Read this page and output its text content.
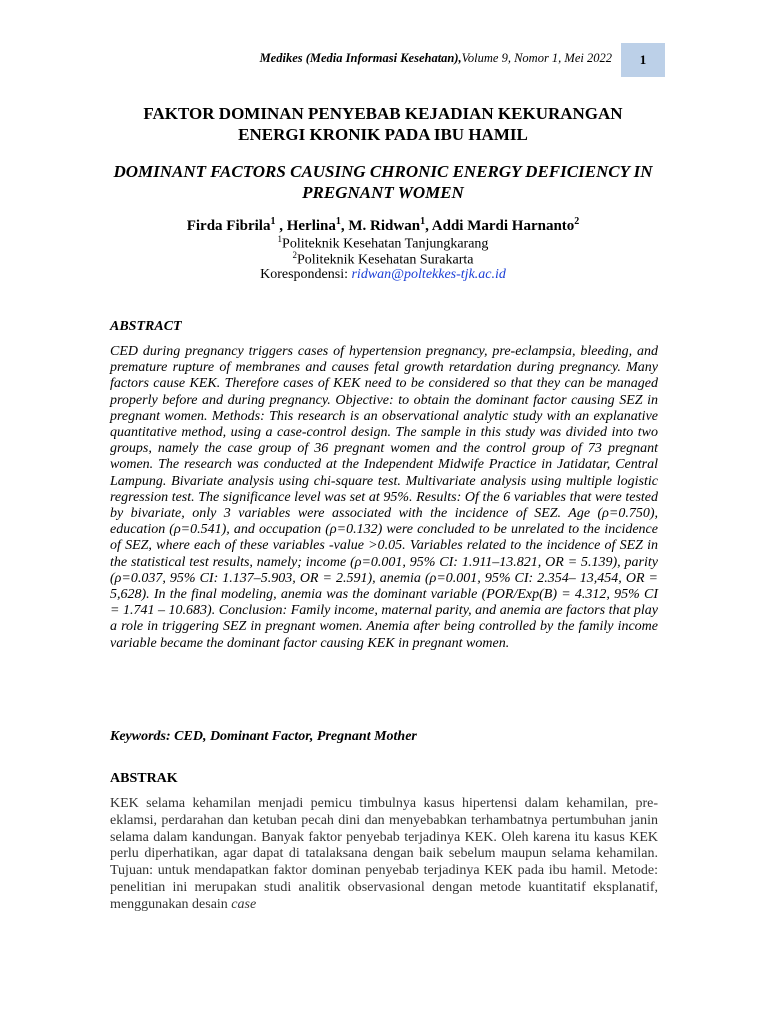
Medikes (Media Informasi Kesehatan),Volume 9, Nomor 1, Mei 2022 1
FAKTOR DOMINAN PENYEBAB KEJADIAN KEKURANGAN ENERGI KRONIK PADA IBU HAMIL
DOMINANT FACTORS CAUSING CHRONIC ENERGY DEFICIENCY IN PREGNANT WOMEN
Firda Fibrila$^1$ , Herlina$^1$, M. Ridwan$^1$, Addi Mardi Harnanto$^2$
$^1$Politeknik Kesehatan Tanjungkarang
$^2$Politeknik Kesehatan Surakarta
Korespondensi: ridwan@poltekkes-tjk.ac.id
ABSTRACT

CED during pregnancy triggers cases of hypertension pregnancy, pre-eclampsia, bleeding, and premature rupture of membranes and causes fetal growth retardation during pregnancy. Many factors cause KEK. Therefore cases of KEK need to be considered so that they can be managed properly before and during pregnancy. Objective: to obtain the dominant factor causing SEZ in pregnant women. Methods: This research is an observational analytic study with an explanative quantitative method, using a case-control design. The sample in this study was divided into two groups, namely the case group of 36 pregnant women and the control group of 73 pregnant women. The research was conducted at the Independent Midwife Practice in Jatidatar, Central Lampung. Bivariate analysis using chi-square test. Multivariate analysis using multiple logistic regression test. The significance level was set at 95%. Results: Of the 6 variables that were tested by bivariate, only 3 variables were associated with the incidence of SEZ. Age (ρ=0.750), education (ρ=0.541), and occupation (ρ=0.132) were concluded to be unrelated to the incidence of SEZ, where each of these variables -value >0.05. Variables related to the incidence of SEZ in the statistical test results, namely; income (ρ=0.001, 95% CI: 1.911–13.821, OR = 5.139), parity (ρ=0.037, 95% CI: 1.137–5.903, OR = 2.591), anemia (ρ=0.001, 95% CI: 2.354– 13,454, OR = 5,628). In the final modeling, anemia was the dominant variable (POR/Exp(B) = 4.312, 95% CI = 1.741 – 10.683). Conclusion: Family income, maternal parity, and anemia are factors that play a role in triggering SEZ in pregnant women. Anemia after being controlled by the family income variable became the dominant factor causing KEK in pregnant women.

Keywords: CED, Dominant Factor, Pregnant Mother
ABSTRAK

KEK selama kehamilan menjadi pemicu timbulnya kasus hipertensi dalam kehamilan, pre-eklamsi, perdarahan dan ketuban pecah dini dan menyebabkan terhambatnya pertumbuhan janin selama dalam kandungan. Banyak faktor penyebab terjadinya KEK. Oleh karena itu kasus KEK perlu diperhatikan, agar dapat di tatalaksana dengan baik sebelum maupun selama kehamilan. Tujuan: untuk mendapatkan faktor dominan penyebab terjadinya KEK pada ibu hamil. Metode: penelitian ini merupakan studi analitik observasional dengan metode kuantitatif eksplanatif, menggunakan desain case
